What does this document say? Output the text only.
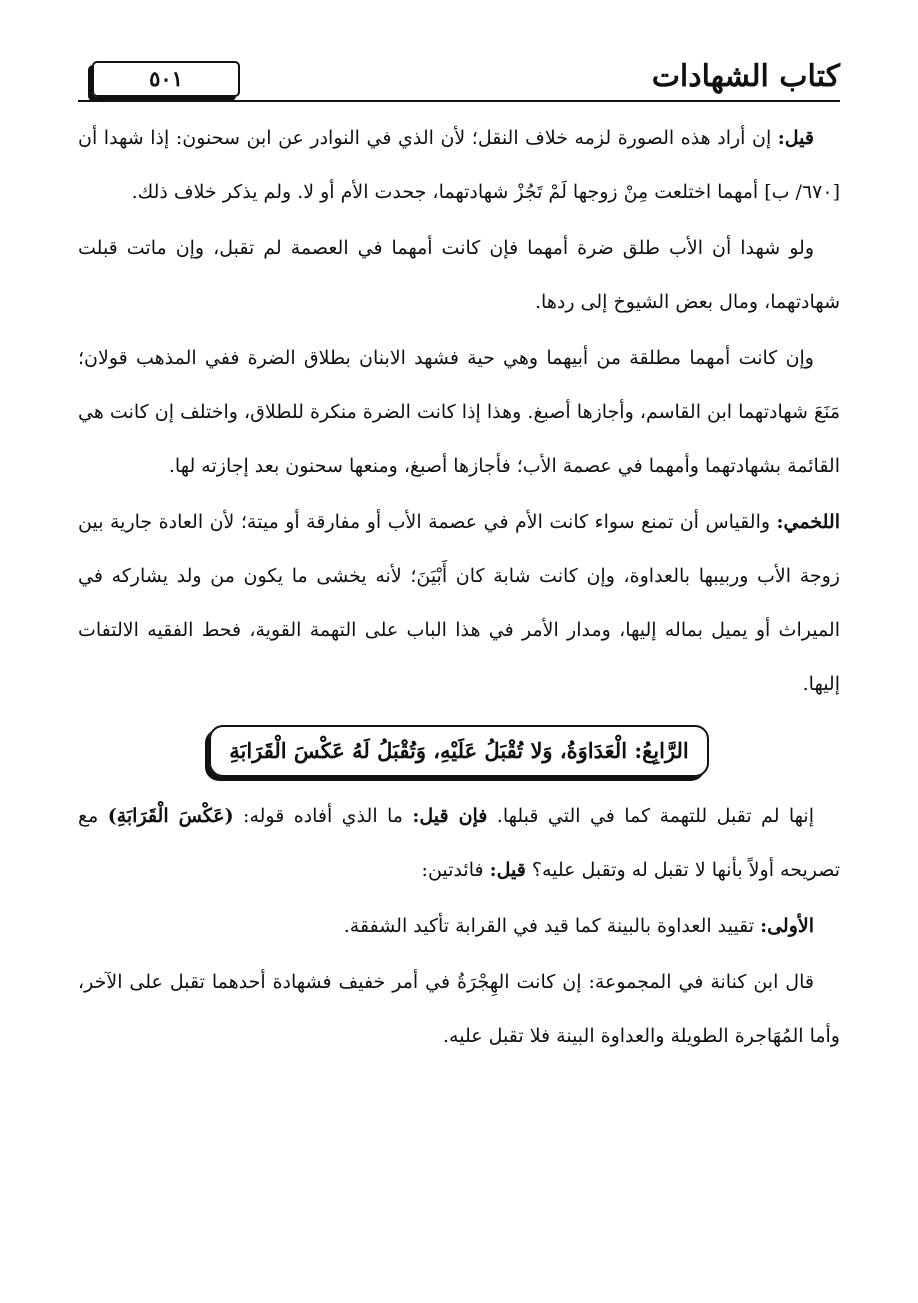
كتاب الشهادات
٥٠١

قيل: إن أراد هذه الصورة لزمه خلاف النقل؛ لأن الذي في النوادر عن ابن سحنون: إذا شهدا أن [٦٧٠/ ب] أمهما اختلعت مِنْ زوجها لَمْ تَجُزْ شهادتهما، جحدت الأم أو لا. ولم يذكر خلاف ذلك.

ولو شهدا أن الأب طلق ضرة أمهما فإن كانت أمهما في العصمة لم تقبل، وإن ماتت قبلت شهادتهما، ومال بعض الشيوخ إلى ردها.

وإن كانت أمهما مطلقة من أبيهما وهي حية فشهد الابنان بطلاق الضرة ففي المذهب قولان؛ مَنَعَ شهادتهما ابن القاسم، وأجازها أصبغ. وهذا إذا كانت الضرة منكرة للطلاق، واختلف إن كانت هي القائمة بشهادتهما وأمهما في عصمة الأب؛ فأجازها أصبغ، ومنعها سحنون بعد إجازته لها.

اللخمي: والقياس أن تمنع سواء كانت الأم في عصمة الأب أو مفارقة أو ميتة؛ لأن العادة جارية بين زوجة الأب وربيبها بالعداوة، وإن كانت شابة كان أَبْيَنَ؛ لأنه يخشى ما يكون من ولد يشاركه في الميراث أو يميل بماله إليها، ومدار الأمر في هذا الباب على التهمة القوية، فحط الفقيه الالتفات إليها.

الرَّابِعُ: الْعَدَاوَةُ، وَلا تُقْبَلُ عَلَيْهِ، وَتُقْبَلُ لَهُ عَكْسَ الْقَرَابَةِ

إنها لم تقبل للتهمة كما في التي قبلها. فإن قيل: ما الذي أفاده قوله: (عَكْسَ الْقَرَابَةِ) مع تصريحه أولاً بأنها لا تقبل له وتقبل عليه؟ قيل: فائدتين:

الأولى: تقييد العداوة بالبينة كما قيد في القرابة تأكيد الشفقة.

قال ابن كنانة في المجموعة: إن كانت الهِجْرَةُ في أمر خفيف فشهادة أحدهما تقبل على الآخر، وأما المُهَاجرة الطويلة والعداوة البينة فلا تقبل عليه.
